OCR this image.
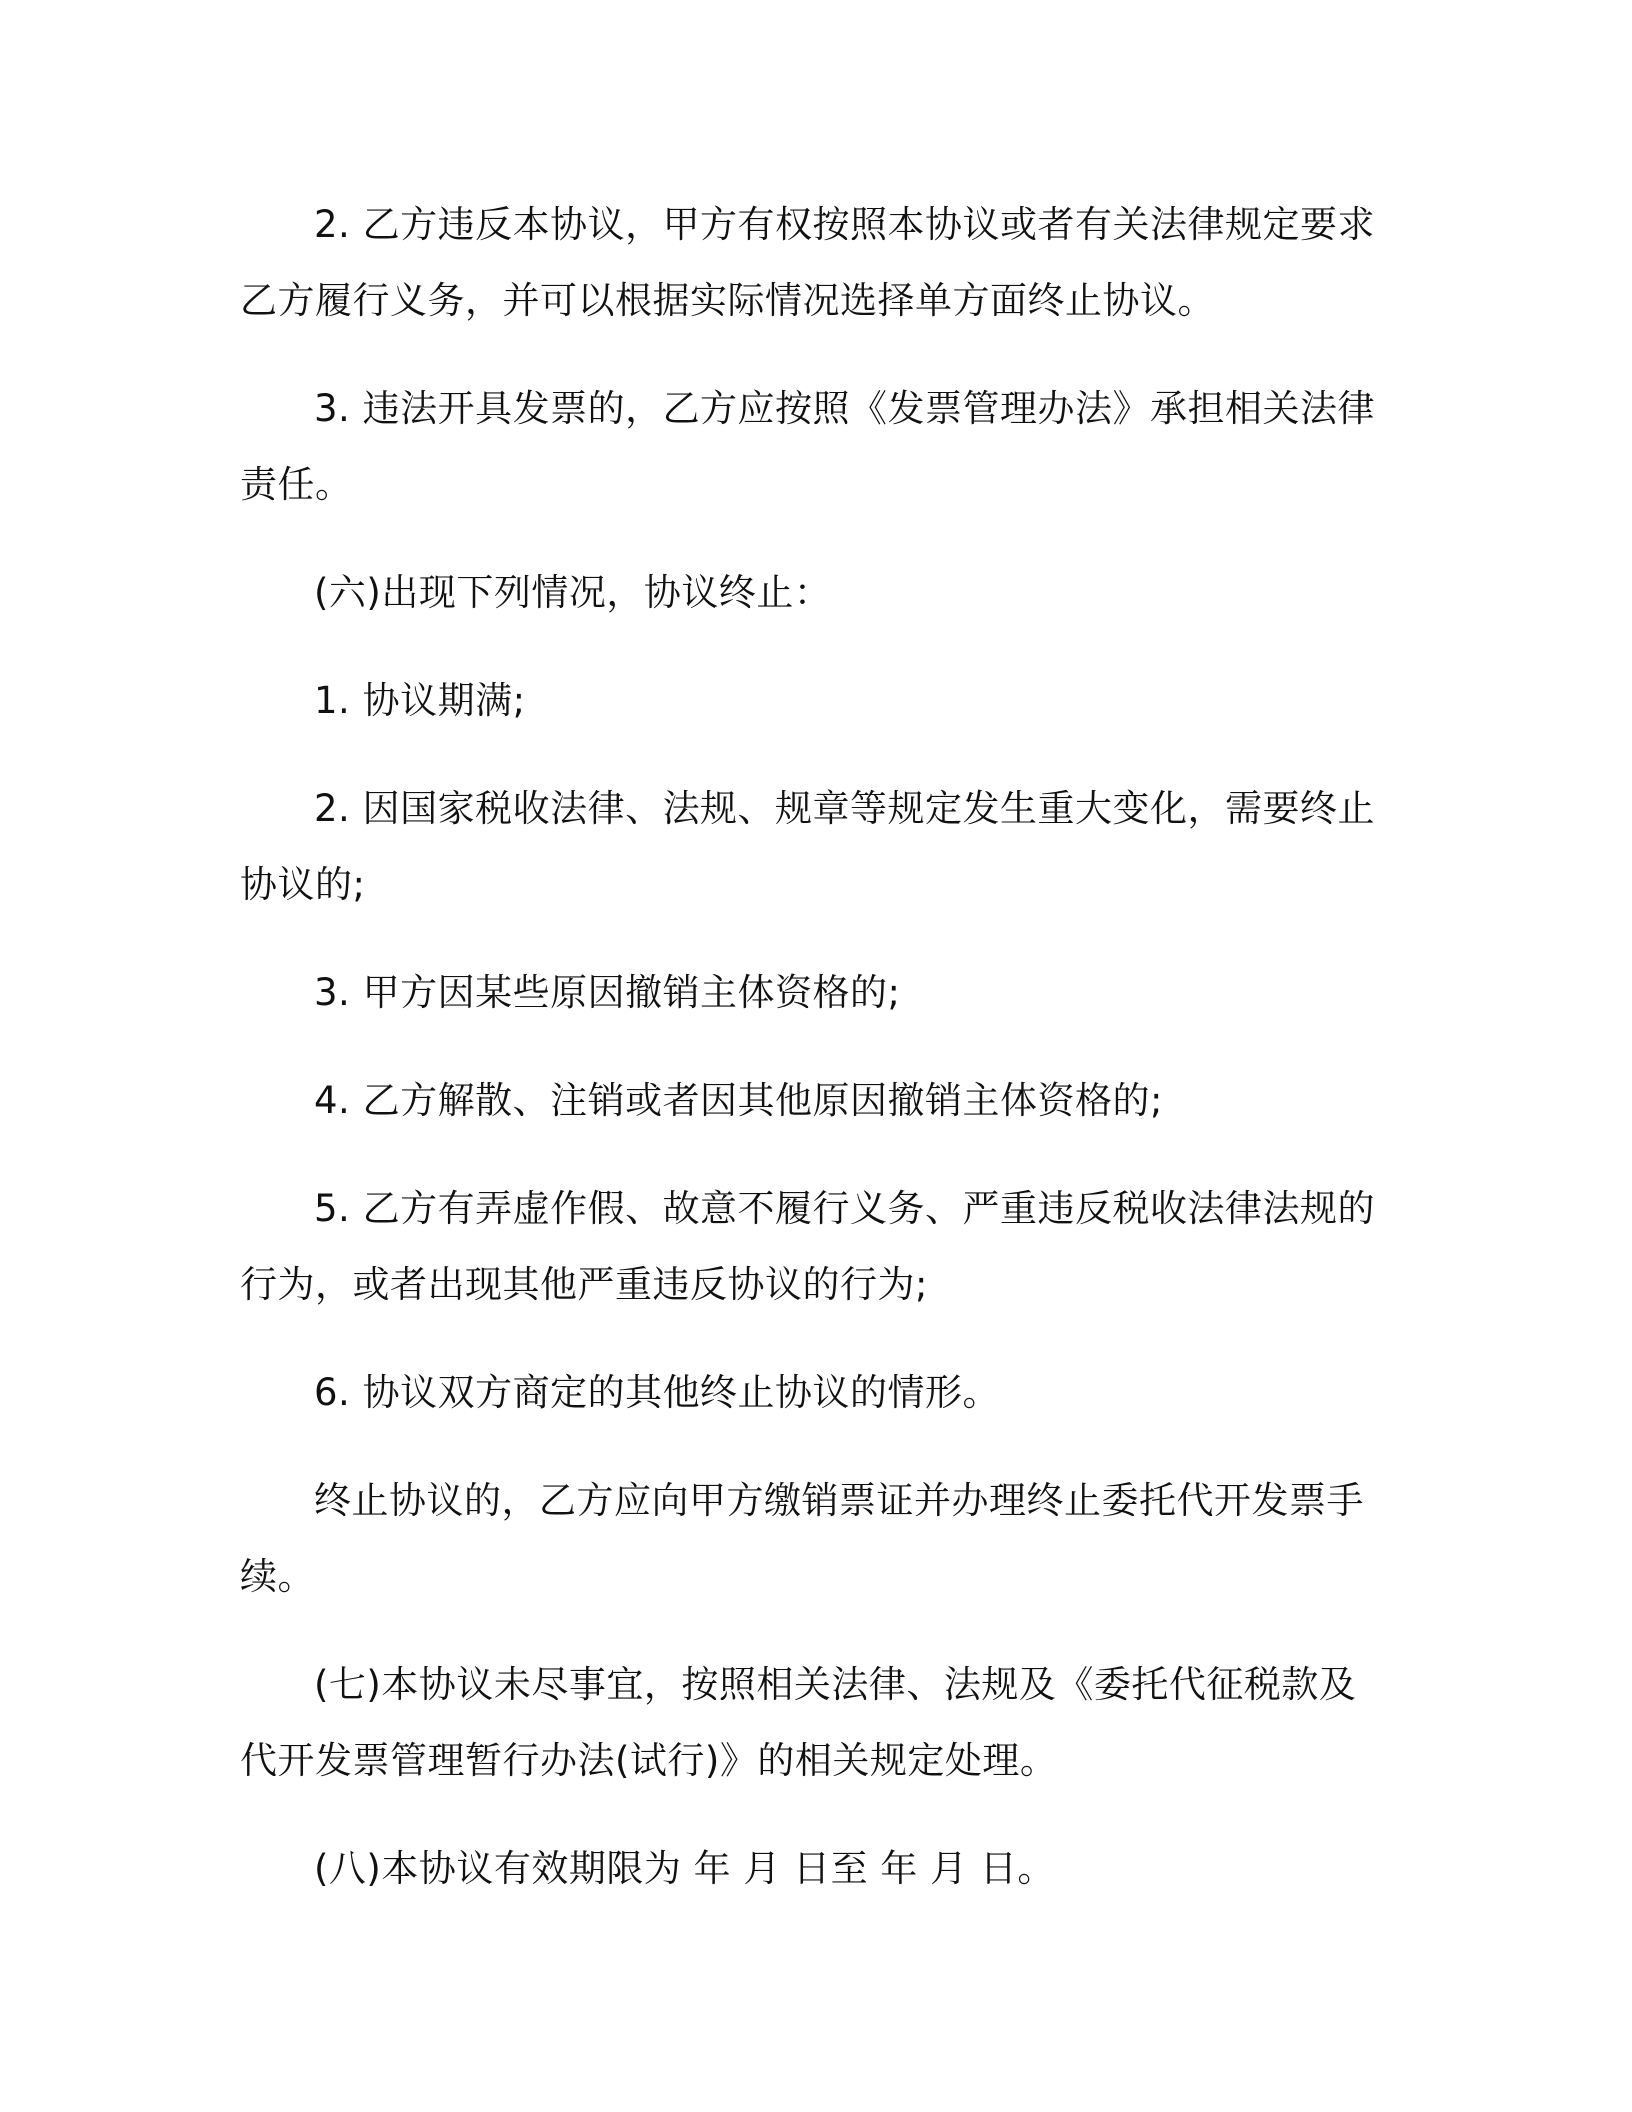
2. 乙方违反本协议，甲方有权按照本协议或者有关法律规定要求乙方履行义务，并可以根据实际情况选择单方面终止协议。

3. 违法开具发票的，乙方应按照《发票管理办法》承担相关法律责任。

(六)出现下列情况，协议终止：

1. 协议期满;

2. 因国家税收法律、法规、规章等规定发生重大变化，需要终止协议的;

3. 甲方因某些原因撤销主体资格的;

4. 乙方解散、注销或者因其他原因撤销主体资格的;

5. 乙方有弄虚作假、故意不履行义务、严重违反税收法律法规的行为，或者出现其他严重违反协议的行为;

6. 协议双方商定的其他终止协议的情形。

终止协议的，乙方应向甲方缴销票证并办理终止委托代开发票手续。

(七)本协议未尽事宜，按照相关法律、法规及《委托代征税款及代开发票管理暂行办法(试行)》的相关规定处理。

(八)本协议有效期限为 年 月 日至 年 月 日。
